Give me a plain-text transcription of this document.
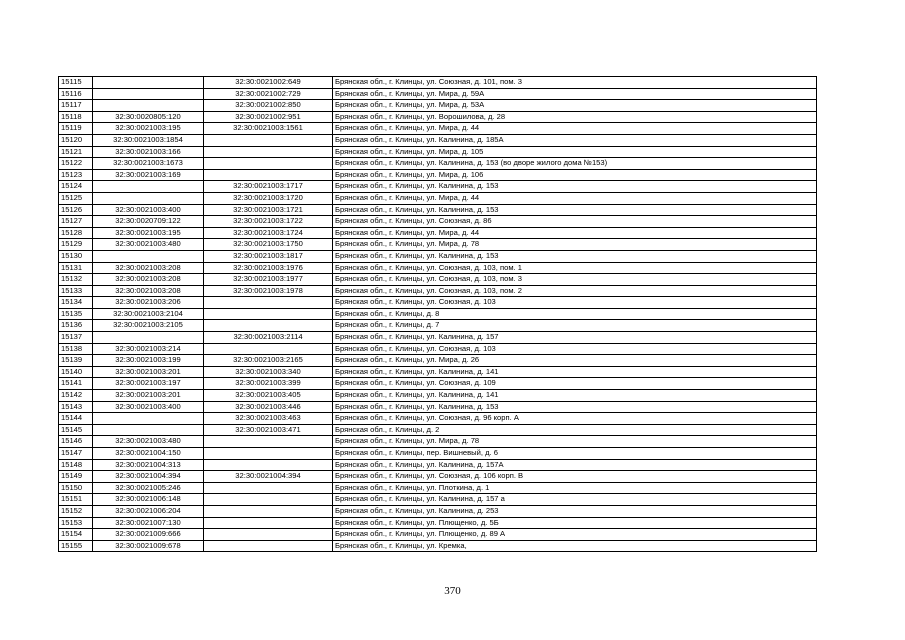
15115		32:30:0021002:649	Брянская обл., г. Клинцы, ул. Союзная, д. 101, пом. 3
15116		32:30:0021002:729	Брянская обл., г. Клинцы, ул. Мира, д. 59А
15117		32:30:0021002:850	Брянская обл., г. Клинцы, ул. Мира, д. 53А
15118	32:30:0020805:120	32:30:0021002:951	Брянская обл., г. Клинцы, ул. Ворошилова, д. 28
15119	32:30:0021003:195	32:30:0021003:1561	Брянская обл., г. Клинцы, ул. Мира, д. 44
15120	32:30:0021003:1854		Брянская обл., г. Клинцы, ул. Калинина, д. 185А
15121	32:30:0021003:166		Брянская обл., г. Клинцы, ул. Мира, д. 105
15122	32:30:0021003:1673		Брянская обл., г. Клинцы, ул. Калинина, д. 153 (во дворе жилого дома №153)
15123	32:30:0021003:169		Брянская обл., г. Клинцы, ул. Мира, д. 106
15124		32:30:0021003:1717	Брянская обл., г. Клинцы, ул. Калинина, д. 153
15125		32:30:0021003:1720	Брянская обл., г. Клинцы, ул. Мира, д. 44
15126	32:30:0021003:400	32:30:0021003:1721	Брянская обл., г. Клинцы, ул. Калинина, д. 153
15127	32:30:0020709:122	32:30:0021003:1722	Брянская обл., г. Клинцы, ул. Союзная, д. 86
15128	32:30:0021003:195	32:30:0021003:1724	Брянская обл., г. Клинцы, ул. Мира, д. 44
15129	32:30:0021003:480	32:30:0021003:1750	Брянская обл., г. Клинцы, ул. Мира, д. 78
15130		32:30:0021003:1817	Брянская обл., г. Клинцы, ул. Калинина, д. 153
15131	32:30:0021003:208	32:30:0021003:1976	Брянская обл., г. Клинцы, ул. Союзная, д. 103, пом. 1
15132	32:30:0021003:208	32:30:0021003:1977	Брянская обл., г. Клинцы, ул. Союзная, д. 103, пом. 3
15133	32:30:0021003:208	32:30:0021003:1978	Брянская обл., г. Клинцы, ул. Союзная, д. 103, пом. 2
15134	32:30:0021003:206		Брянская обл., г. Клинцы, ул. Союзная, д. 103
15135	32:30:0021003:2104		Брянская обл., г. Клинцы, д. 8
15136	32:30:0021003:2105		Брянская обл., г. Клинцы, д. 7
15137		32:30:0021003:2114	Брянская обл., г. Клинцы, ул. Калинина, д. 157
15138	32:30:0021003:214		Брянская обл., г. Клинцы, ул. Союзная, д. 103
15139	32:30:0021003:199	32:30:0021003:2165	Брянская обл., г. Клинцы, ул. Мира, д. 26
15140	32:30:0021003:201	32:30:0021003:340	Брянская обл., г. Клинцы, ул. Калинина, д. 141
15141	32:30:0021003:197	32:30:0021003:399	Брянская обл., г. Клинцы, ул. Союзная, д. 109
15142	32:30:0021003:201	32:30:0021003:405	Брянская обл., г. Клинцы, ул. Калинина, д. 141
15143	32:30:0021003:400	32:30:0021003:446	Брянская обл., г. Клинцы, ул. Калинина, д. 153
15144		32:30:0021003:463	Брянская обл., г. Клинцы, ул. Союзная, д. 96 корп. А
15145		32:30:0021003:471	Брянская обл., г. Клинцы, д. 2
15146	32:30:0021003:480		Брянская обл., г. Клинцы, ул. Мира, д. 78
15147	32:30:0021004:150		Брянская обл., г. Клинцы, пер. Вишневый, д. 6
15148	32:30:0021004:313		Брянская обл., г. Клинцы, ул. Калинина, д. 157А
15149	32:30:0021004:394	32:30:0021004:394	Брянская обл., г. Клинцы, ул. Союзная, д. 106 корп. В
15150	32:30:0021005:246		Брянская обл., г. Клинцы, ул. Плоткина, д. 1
15151	32:30:0021006:148		Брянская обл., г. Клинцы, ул. Калинина, д. 157 а
15152	32:30:0021006:204		Брянская обл., г. Клинцы, ул. Калинина, д. 253
15153	32:30:0021007:130		Брянская обл., г. Клинцы, ул. Плющенко, д. 5Б
15154	32:30:0021009:666		Брянская обл., г. Клинцы, ул. Плющенко, д. 89 А
15155	32:30:0021009:678		Брянская обл., г. Клинцы, ул. Кремка,
370
